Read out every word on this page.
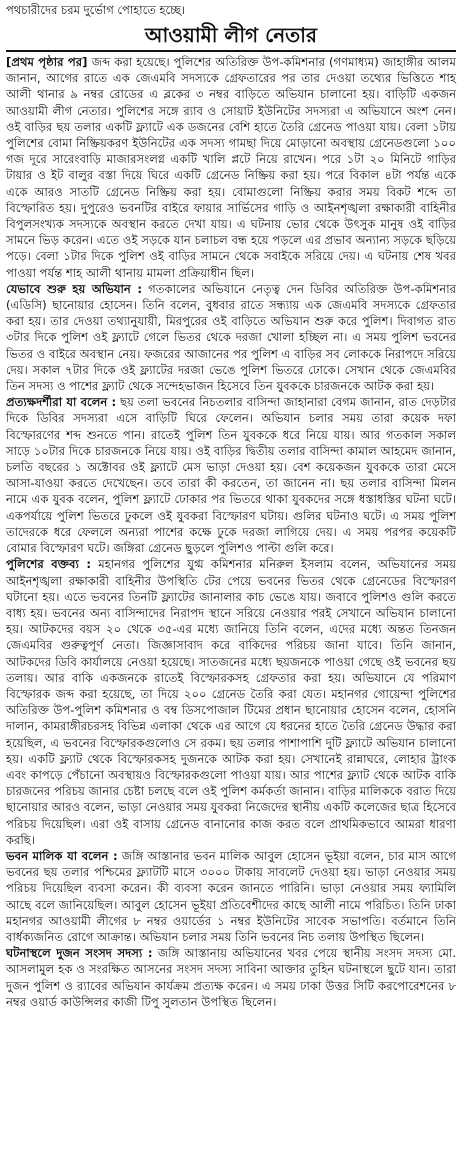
পথচারীদের চরম দুর্ভোগ পোহাতে হচ্ছে।
আওয়ামী লীগ নেতার

[ প্রথম পৃষ্ঠার পর ] জব্দ করা হয়েছে। পুলিশের অতিরিক্ত উপ-কমিশনার (গণমাধ্যম) জাহাঙ্গীর আলম জানান, আগের রাতে এক জেএমবি সদস্যকে গ্রেফতারের পর তার দেওয়া তথ্যের ভিত্তিতে শাহ আলী থানার ৯ নম্বর রোডের এ ব্লকের ৩ নম্বর বাড়িতে অভিযান চালানো হয়। বাড়িটি একজন আওয়ামী লীগ নেতার। পুলিশের সঙ্গে র‌্যাব ও সোয়াট ইউনিটের সদস্যরা এ অভিযানে অংশ নেন। ওই বাড়ির ছয় তলার একটি ফ্ল্যাটে এক ডজনের বেশি হাতে তৈরি গ্রেনেড পাওয়া যায়। বেলা ১টায় পুলিশের বোমা নিষ্ক্রিয়করণ ইউনিটের এক সদস্য গামছা দিয়ে মোড়ানো অবস্থায় গ্রেনেডগুলো ১০০ গজ দূরে সারেংবাড়ি মাজারসংলগ্ন একটি খালি প্লটে নিয়ে রাখেন। পরে ১টা ২০ মিনিটে গাড়ির টায়ার ও ইট বালুর বস্তা দিয়ে ঘিরে একটি গ্রেনেড নিষ্ক্রিয় করা হয়। পরে বিকাল ৪টা পর্যন্ত একে একে আরও সাতটি গ্রেনেড নিষ্ক্রিয় করা হয়। বোমাগুলো নিষ্ক্রিয় করার সময় বিকট শব্দে তা বিস্ফোরিত হয়। দুপুরেও ভবনটির বাইরে ফায়ার সার্ভিসের গাড়ি ও আইনশৃঙ্খলা রক্ষাকারী বাহিনীর বিপুলসংখ্যক সদস্যকে অবস্থান করতে দেখা যায়। এ ঘটনায় ভোর থেকে উৎসুক মানুষ ওই বাড়ির সামনে ভিড় করেন। এতে ওই সড়কে যান চলাচল বন্ধ হয়ে পড়লে এর প্রভাব অন্যান্য সড়কে ছড়িয়ে পড়ে। বেলা ১টার দিকে পুলিশ ওই বাড়ির সামনে থেকে সবাইকে সরিয়ে দেয়। এ ঘটনায় শেষ খবর পাওয়া পর্যন্ত শাহ আলী থানায় মামলা প্রক্রিয়াধীন ছিল।

যেভাবে শুরু হয় অভিযান : গতকালের অভিযানে নেতৃত্ব দেন ডিবির অতিরিক্ত উপ-কমিশনার (এডিসি) ছানোয়ার হোসেন। তিনি বলেন, বুধবার রাতে সন্ধ্যায় এক জেএমবি সদস্যকে গ্রেফতার করা হয়। তার দেওয়া তথ্যানুযায়ী, মিরপুরের ওই বাড়িতে অভিযান শুরু করে পুলিশ। দিবাগত রাত ৩টার দিকে পুলিশ ওই ফ্ল্যাটে গেলে ভিতর থেকে দরজা খোলা হচ্ছিল না। এ সময় পুলিশ ভবনের ভিতর ও বাইরে অবস্থান নেয়। ফজরের আজানের পর পুলিশ এ বাড়ির সব লোককে নিরাপদে সরিয়ে দেয়। সকাল ৭টার দিকে ওই ফ্ল্যাটের দরজা ভেঙে পুলিশ ভিতরে ঢোকে। সেখান থেকে জেএমবির তিন সদস্য ও পাশের ফ্ল্যাট থেকে সন্দেহভাজন হিসেবে তিন যুবককে চারজনকে আটক করা হয়।

প্রত্যক্ষদর্শীরা যা বলেন : ছয় তলা ভবনের নিচতলার বাসিন্দা জাহানারা বেগম জানান, রাত দেড়টার দিকে ডিবির সদস্যরা এসে বাড়িটি ঘিরে ফেলেন। অভিযান চলার সময় তারা কয়েক দফা বিস্ফোরণের শব্দ শুনতে পান। রাতেই পুলিশ তিন যুবককে ধরে নিয়ে যায়। আর গতকাল সকাল সাড়ে ১০টার দিকে চারজনকে নিয়ে যায়। ওই বাড়ির দ্বিতীয় তলার বাসিন্দা কামাল আহমেদ জানান, চলতি বছরের ১ অক্টোবর ওই ফ্ল্যাটে মেস ভাড়া দেওয়া হয়। বেশ কয়েকজন যুবককে তারা মেসে আসা-যাওয়া করতে দেখেছেন। তবে তারা কী করতেন, তা জানেন না। ছয় তলার বাসিন্দা মিলন নামে এক যুবক বলেন, পুলিশ ফ্ল্যাটে ঢোকার পর ভিতরে থাকা যুবকদের সঙ্গে ধস্তাধস্তির ঘটনা ঘটে। একপর্যায়ে পুলিশ ভিতরে ঢুকলে ওই যুবকরা বিস্ফোরণ ঘটায়। গুলির ঘটনাও ঘটে। এ সময় পুলিশ তাদেরকে ধরে ফেললে অন্যরা পাশের কক্ষে ঢুকে দরজা লাগিয়ে দেয়। এ সময় পরপর কয়েকটি বোমার বিস্ফোরণ ঘটে। জঙ্গিরা গ্রেনেড ছুড়লে পুলিশও পাল্টা গুলি করে।

পুলিশের বক্তব্য : মহানগর পুলিশের যুগ্ম কমিশনার মনিরুল ইসলাম বলেন, অভিযানের সময় আইনশৃঙ্খলা রক্ষাকারী বাহিনীর উপস্থিতি টের পেয়ে ভবনের ভিতর থেকে গ্রেনেডের বিস্ফোরণ ঘটানো হয়। এতে ভবনের তিনটি ফ্ল্যাটের জানালার কাচ ভেঙে যায়। জবাবে পুলিশও গুলি করতে বাধ্য হয়। ভবনের অন্য বাসিন্দাদের নিরাপদ স্থানে সরিয়ে নেওয়ার পরই সেখানে অভিযান চালানো হয়। আটকদের বয়স ২০ থেকে ৩৫-এর মধ্যে জানিয়ে তিনি বলেন, এদের মধ্যে অন্তত তিনজন জেএমবির গুরুত্বপূর্ণ নেতা। জিজ্ঞাসাবাদ করে বাকিদের পরিচয় জানা যাবে। তিনি জানান, আটকদের ডিবি কার্যালয়ে নেওয়া হয়েছে। সাতজনের মধ্যে ছয়জনকে পাওয়া গেছে ওই ভবনের ছয় তলায়। আর বাকি একজনকে রাতেই বিস্ফোরকসহ গ্রেফতার করা হয়। অভিযানে যে পরিমাণ বিস্ফোরক জব্দ করা হয়েছে, তা দিয়ে ২০০ গ্রেনেড তৈরি করা যেত। মহানগর গোয়েন্দা পুলিশের অতিরিক্ত উপ-পুলিশ কমিশনার ও বম্ব ডিসপোজাল টিমের প্রধান ছানোয়ার হোসেন বলেন, হোসনি দালান, কামরাঙ্গীরচরসহ বিভিন্ন এলাকা থেকে এর আগে যে ধরনের হাতে তৈরি গ্রেনেড উদ্ধার করা হয়েছিল, এ ভবনের বিস্ফোরকগুলোও সে রকম। ছয় তলার পাশাপাশি দুটি ফ্ল্যাটে অভিযান চালানো হয়। একটি ফ্ল্যাট থেকে বিস্ফোরকসহ দুজনকে আটক করা হয়। সেখানেই রান্নাঘরে, লোহার ট্রাংক এবং কাপড়ে পেঁচানো অবস্থায়ও বিস্ফোরকগুলো পাওয়া যায়। আর পাশের ফ্ল্যাট থেকে আটক বাকি চারজনের পরিচয় জানার চেষ্টা চলছে বলে ওই পুলিশ কর্মকর্তা জানান। বাড়ির মালিককে বরাত দিয়ে ছানোয়ার আরও বলেন, ভাড়া নেওয়ার সময় যুবকরা নিজেদের স্থানীয় একটি কলেজের ছাত্র হিসেবে পরিচয় দিয়েছিল। এরা ওই বাসায় গ্রেনেড বানানোর কাজ করত বলে প্রাথমিকভাবে আমরা ধারণা করছি।

ভবন মালিক যা বলেন : জঙ্গি আস্তানার ভবন মালিক আবুল হোসেন ভূইয়া বলেন, চার মাস আগে ভবনের ছয় তলার পশ্চিমের ফ্ল্যাটটি মাসে ৩০০০ টাকায় সাবলেট দেওয়া হয়। ভাড়া নেওয়ার সময় পরিচয় দিয়েছিল ব্যবসা করেন। কী ব্যবসা করেন জানতে পারিনি। ভাড়া নেওয়ার সময় ফ্যামিলি আছে বলে জানিয়েছিল। আবুল হোসেন ভূইয়া প্রতিবেশীদের কাছে আলী নামে পরিচিত। তিনি ঢাকা মহানগর আওয়ামী লীগের ৮ নম্বর ওয়ার্ডের ১ নম্বর ইউনিটের সাবেক সভাপতি। বর্তমানে তিনি বার্ধক্যজনিত রোগে আক্রান্ত। অভিযান চলার সময় তিনি ভবনের নিচ তলায় উপস্থিত ছিলেন।

ঘটনাস্থলে দুজন সংসদ সদস্য : জঙ্গি আস্তানায় অভিযানের খবর পেয়ে স্থানীয় সংসদ সদস্য মো. আসলামুল হক ও সংরক্ষিত আসনের সংসদ সদস্য সাবিনা আক্তার তুহিন ঘটনাস্থলে ছুটে যান। তারা দুজন পুলিশ ও র‌্যাবের অভিযান কার্যক্রম প্রত্যক্ষ করেন। এ সময় ঢাকা উত্তর সিটি করপোরেশনের ৮ নম্বর ওয়ার্ড কাউন্সিলর কাজী টিপু সুলতান উপস্থিত ছিলেন।
